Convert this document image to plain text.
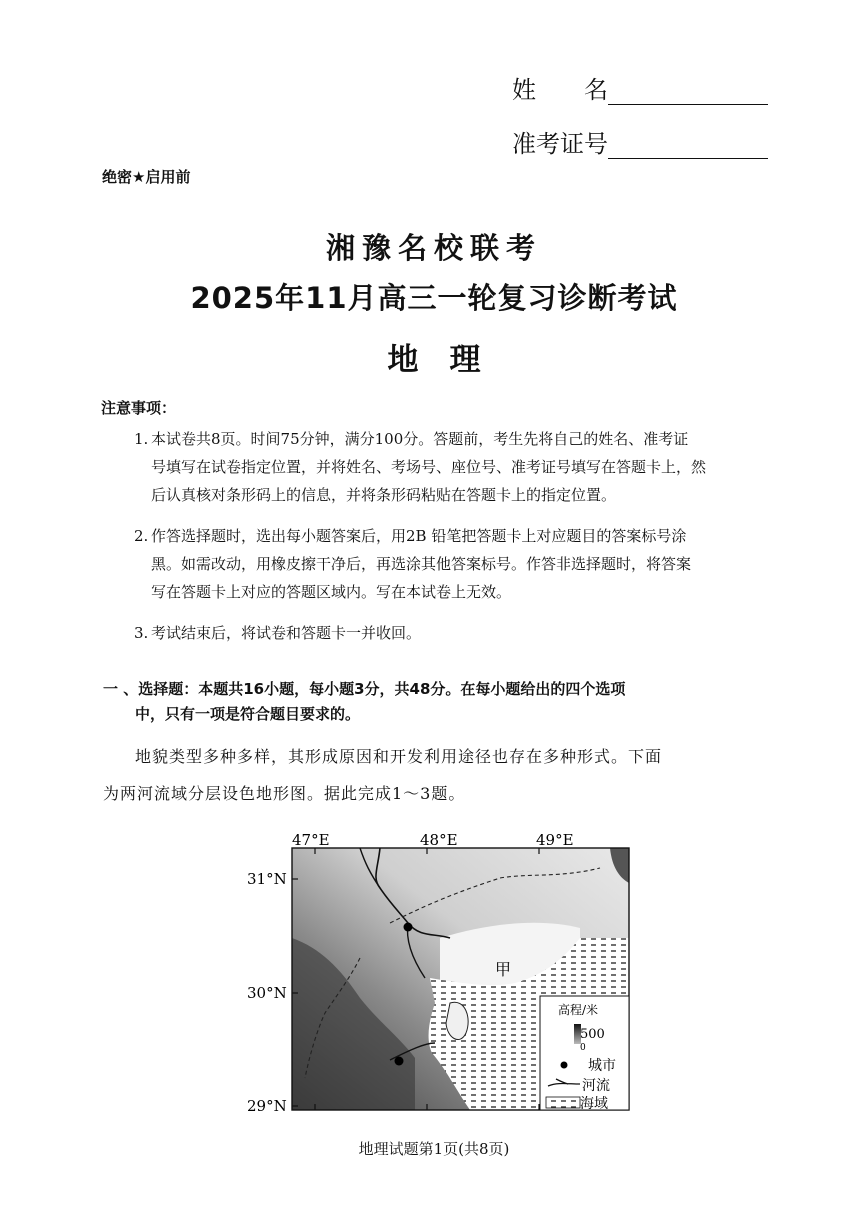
姓　　名
准考证号
绝密★启用前
湘豫名校联考
2025年11月高三一轮复习诊断考试
地　理
注意事项：
1. 本试卷共8页。时间75分钟，满分100分。答题前，考生先将自己的姓名、准考证
号填写在试卷指定位置，并将姓名、考场号、座位号、准考证号填写在答题卡上，然
后认真核对条形码上的信息，并将条形码粘贴在答题卡上的指定位置。
2. 作答选择题时，选出每小题答案后，用2B 铅笔把答题卡上对应题目的答案标号涂
黑。如需改动，用橡皮擦干净后，再选涂其他答案标号。作答非选择题时，将答案
写在答题卡上对应的答题区域内。写在本试卷上无效。
3. 考试结束后，将试卷和答题卡一并收回。
一 、选择题：本题共16小题，每小题3分，共48分。在每小题给出的四个选项
中，只有一项是符合题目要求的。
地貌类型多种多样，其形成原因和开发利用途径也存在多种形式。下面
为两河流域分层设色地形图。据此完成1～3题。
甲
47°E	48°E	49°E
31°N
30°N
29°N
高程/米
500
0
城市
河流
海域
地理试题第1页(共8页)
